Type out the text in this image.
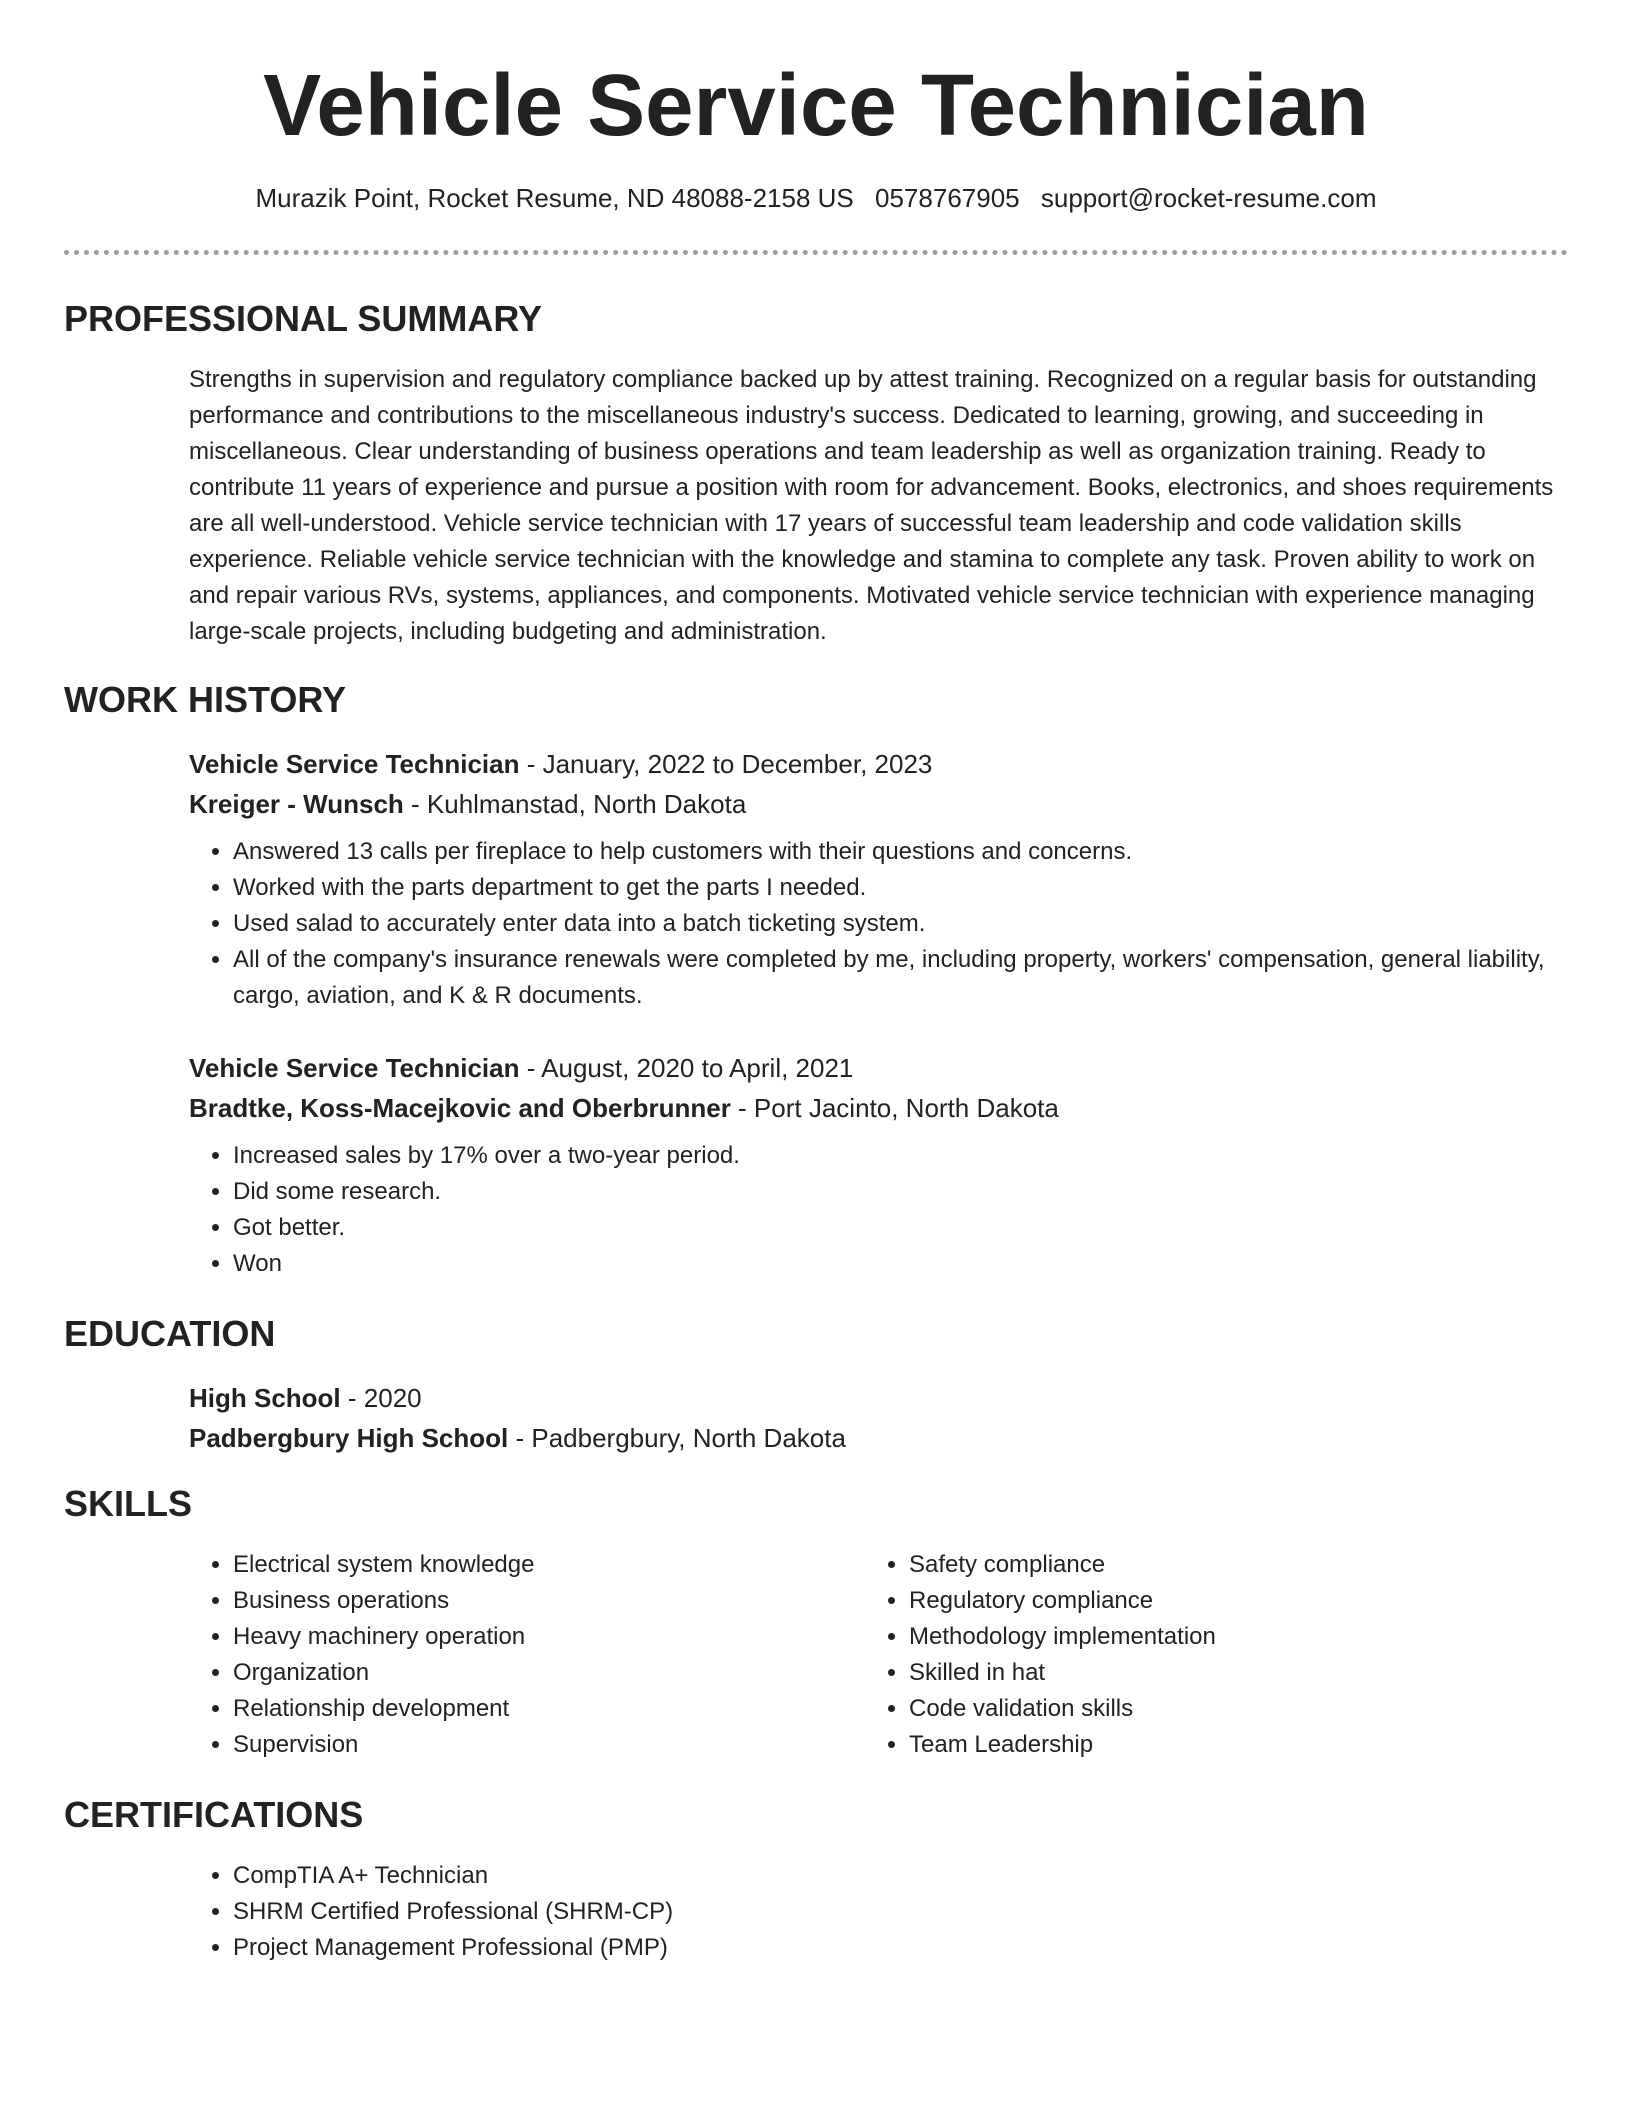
Vehicle Service Technician
Murazik Point, Rocket Resume, ND 48088-2158 US 0578767905 support@rocket-resume.com
PROFESSIONAL SUMMARY

Strengths in supervision and regulatory compliance backed up by attest training. Recognized on a regular basis for outstanding performance and contributions to the miscellaneous industry's success. Dedicated to learning, growing, and succeeding in miscellaneous. Clear understanding of business operations and team leadership as well as organization training. Ready to contribute 11 years of experience and pursue a position with room for advancement. Books, electronics, and shoes requirements are all well-understood. Vehicle service technician with 17 years of successful team leadership and code validation skills experience. Reliable vehicle service technician with the knowledge and stamina to complete any task. Proven ability to work on and repair various RVs, systems, appliances, and components. Motivated vehicle service technician with experience managing large-scale projects, including budgeting and administration.

WORK HISTORY

Vehicle Service Technician - January, 2022 to December, 2023

Kreiger - Wunsch - Kuhlmanstad, North Dakota

• Answered 13 calls per fireplace to help customers with their questions and concerns.
• Worked with the parts department to get the parts I needed.
• Used salad to accurately enter data into a batch ticketing system.
• All of the company's insurance renewals were completed by me, including property, workers' compensation, general liability, cargo, aviation, and K & R documents.

Vehicle Service Technician - August, 2020 to April, 2021

Bradtke, Koss-Macejkovic and Oberbrunner - Port Jacinto, North Dakota

• Increased sales by 17% over a two-year period.
• Did some research.
• Got better.
• Won
EDUCATION

High School - 2020

Padbergbury High School - Padbergbury, North Dakota

SKILLS
• Electrical system knowledge
• Business operations
• Heavy machinery operation
• Organization
• Relationship development
• Supervision
• Safety compliance
• Regulatory compliance
• Methodology implementation
• Skilled in hat
• Code validation skills
• Team Leadership
CERTIFICATIONS
• CompTIA A+ Technician
• SHRM Certified Professional (SHRM-CP)
• Project Management Professional (PMP)
